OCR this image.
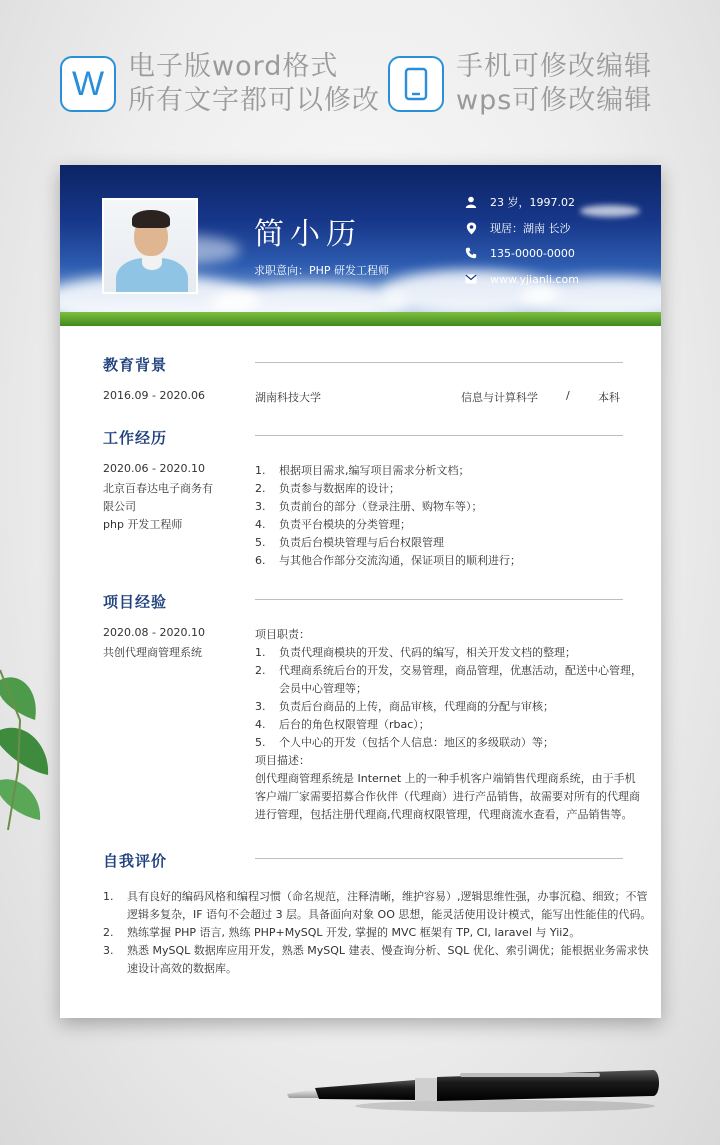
W 电子版word格式
所有文字都可以修改
手机可修改编辑
wps可修改编辑
简小历
求职意向：PHP 研发工程师
23 岁，1997.02
现居：湖南 长沙
135-0000-0000
www.yjianli.com
教育背景
2016.09 - 2020.06	湖南科技大学	信息与计算科学	/	本科
工作经历
2020.06 - 2020.10
北京百春达电子商务有
限公司
php 开发工程师
1. 根据项目需求,编写项目需求分析文档；
2. 负责参与数据库的设计；
3. 负责前台的部分（登录注册、购物车等）；
4. 负责平台模块的分类管理；
5. 负责后台模块管理与后台权限管理
6. 与其他合作部分交流沟通，保证项目的顺利进行；
项目经验
2020.08 - 2020.10
共创代理商管理系统
项目职责：
1. 负责代理商模块的开发、代码的编写，相关开发文档的整理；
2. 代理商系统后台的开发，交易管理，商品管理，优惠活动，配送中心管理，
会员中心管理等；
3. 负责后台商品的上传，商品审核，代理商的分配与审核；
4. 后台的角色权限管理（rbac）；
5. 个人中心的开发（包括个人信息：地区的多级联动）等；
项目描述：
创代理商管理系统是 Internet 上的一种手机客户端销售代理商系统，由于手机
客户端厂家需要招募合作伙伴（代理商）进行产品销售，故需要对所有的代理商
进行管理，包括注册代理商,代理商权限管理，代理商流水查看，产品销售等。
自我评价
1. 具有良好的编码风格和编程习惯（命名规范，注释清晰，维护容易）,逻辑思维性强，办事沉稳、细致；不管
逻辑多复杂，IF 语句不会超过 3 层。具备面向对象 OO 思想，能灵活使用设计模式，能写出性能佳的代码。
2. 熟练掌握 PHP 语言, 熟练 PHP+MySQL 开发, 掌握的 MVC 框架有 TP, CI, laravel 与 Yii2。
3. 熟悉 MySQL 数据库应用开发，熟悉 MySQL 建表、慢查询分析、SQL 优化、索引调优；能根据业务需求快
速设计高效的数据库。
